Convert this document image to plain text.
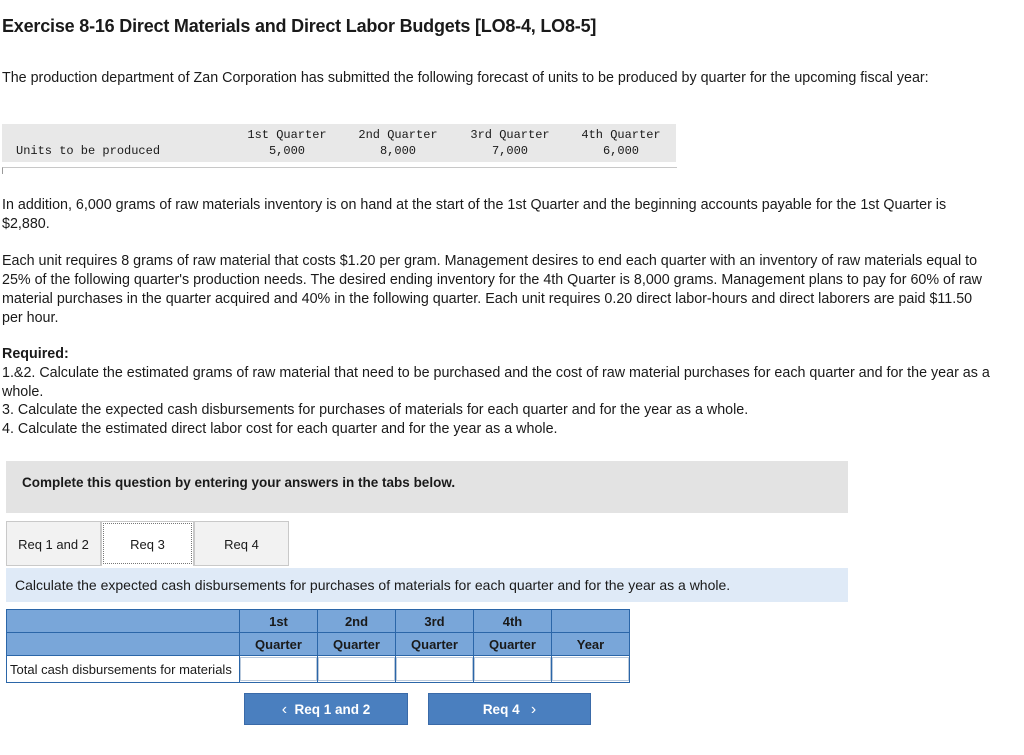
Exercise 8-16 Direct Materials and Direct Labor Budgets [LO8-4, LO8-5]
The production department of Zan Corporation has submitted the following forecast of units to be produced by quarter for the upcoming fiscal year:
1st Quarter	2nd Quarter	3rd Quarter	4th Quarter
Units to be produced	5,000	8,000	7,000	6,000
In addition, 6,000 grams of raw materials inventory is on hand at the start of the 1st Quarter and the beginning accounts payable for the 1st Quarter is $2,880.
Each unit requires 8 grams of raw material that costs $1.20 per gram. Management desires to end each quarter with an inventory of raw materials equal to 25% of the following quarter's production needs. The desired ending inventory for the 4th Quarter is 8,000 grams. Management plans to pay for 60% of raw material purchases in the quarter acquired and 40% in the following quarter. Each unit requires 0.20 direct labor-hours and direct laborers are paid $11.50 per hour.
Required:
1.&2. Calculate the estimated grams of raw material that need to be purchased and the cost of raw material purchases for each quarter and for the year as a whole.
3. Calculate the expected cash disbursements for purchases of materials for each quarter and for the year as a whole.
4. Calculate the estimated direct labor cost for each quarter and for the year as a whole.
Complete this question by entering your answers in the tabs below.
Req 1 and 2	Req 3	Req 4
Calculate the expected cash disbursements for purchases of materials for each quarter and for the year as a whole.
	1st	2nd	3rd	4th	
	Quarter	Quarter	Quarter	Quarter	Year
Total cash disbursements for materials					
‹ Req 1 and 2	Req 4 ›
